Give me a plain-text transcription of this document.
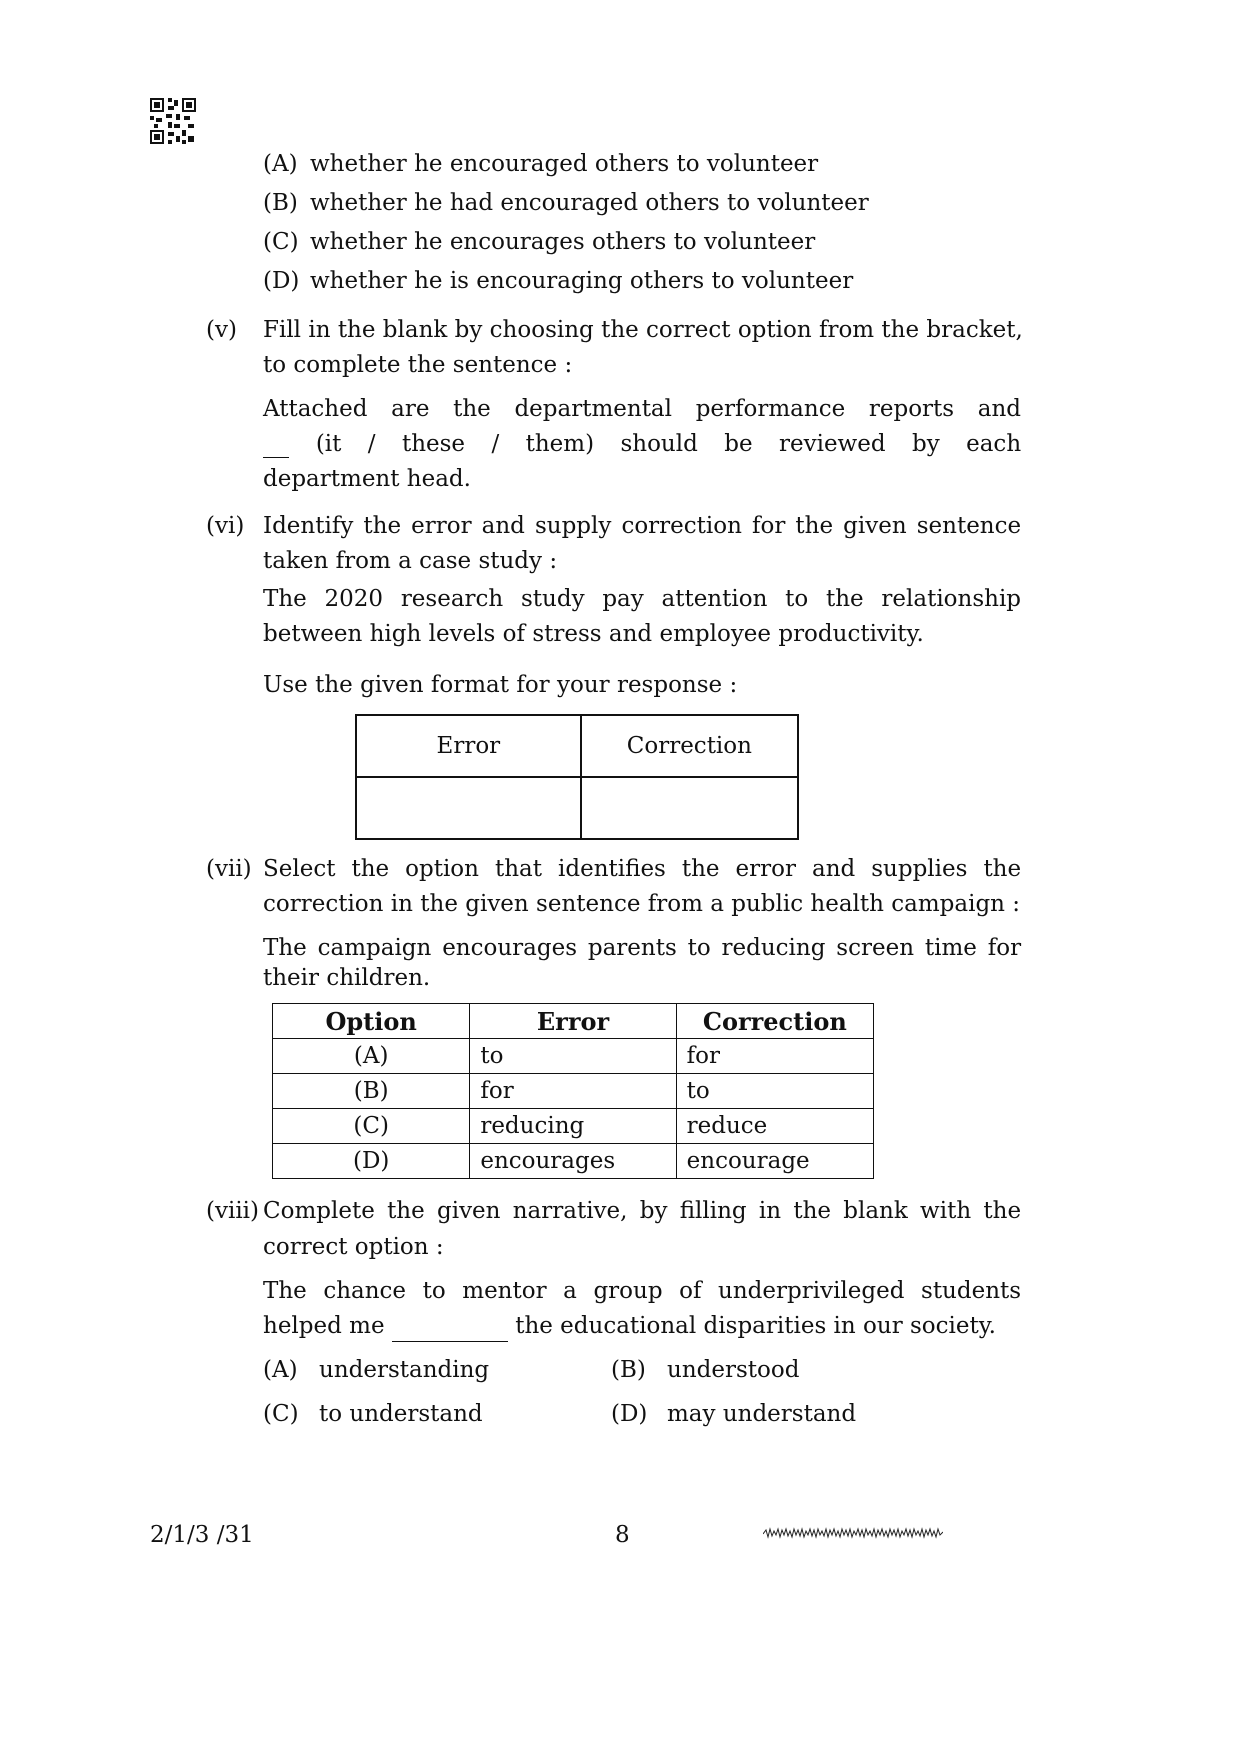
(A) whether he encouraged others to volunteer
(B) whether he had encouraged others to volunteer
(C) whether he encourages others to volunteer
(D) whether he is encouraging others to volunteer
(v) Fill in the blank by choosing the correct option from the bracket,
to complete the sentence :
Attached are the departmental performance reports and
(it / these / them) should be reviewed by each
department head.
(vi) Identify the error and supply correction for the given sentence
taken from a case study :
The 2020 research study pay attention to the relationship
between high levels of stress and employee productivity.
Use the given format for your response :
Error	Correction

(vii) Select the option that identifies the error and supplies the
correction in the given sentence from a public health campaign :
The campaign encourages parents to reducing screen time for
their children.
Option	Error	Correction
(A)	to	for
(B)	for	to
(C)	reducing	reduce
(D)	encourages	encourage
(viii) Complete the given narrative, by filling in the blank with the
correct option :
The chance to mentor a group of underprivileged students
helped me	the educational disparities in our society.
(A) understanding	(B) understood
(C) to understand	(D) may understand
2/1/3 /31	8
